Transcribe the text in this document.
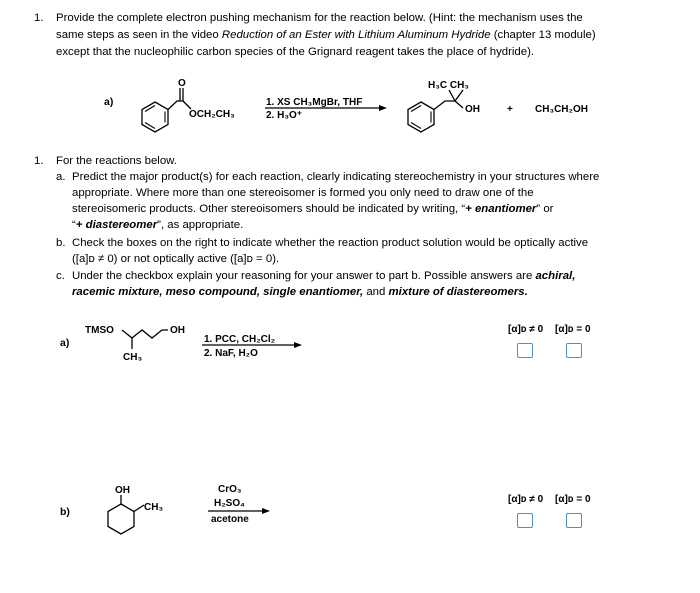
1. Provide the complete electron pushing mechanism for the reaction below. (Hint: the mechanism uses the
same steps as seen in the video Reduction of an Ester with Lithium Aluminum Hydride (chapter 13 module)
except that the nucleophilic carbon species of the Grignard reagent takes the place of hydride).
a)
O
OCH₂CH₃
1. XS CH₃MgBr, THF
2. H₃O⁺
H₃C CH₃
OH	+ CH₃CH₂OH
1. For the reactions below.
a. Predict the major product(s) for each reaction, clearly indicating stereochemistry in your structures where
appropriate. Where more than one stereoisomer is formed you only need to draw one of the
stereoisomeric products. Other stereoisomers should be indicated by writing, “+ enantiomer” or
“+ diastereomer”, as appropriate.
b. Check the boxes on the right to indicate whether the reaction product solution would be optically active
([a]ᴅ ≠ 0) or not optically active ([a]ᴅ = 0).
c. Under the checkbox explain your reasoning for your answer to part b. Possible answers are achiral,
racemic mixture, meso compound, single enantiomer, and mixture of diastereomers.
a)
TMSO
CH₃
OH
1. PCC, CH₂Cl₂
2. NaF, H₂O
[α]ᴅ ≠ 0 [α]ᴅ = 0
b)
OH
CH₃
CrO₃
H₂SO₄
acetone
[α]ᴅ ≠ 0 [α]ᴅ = 0
